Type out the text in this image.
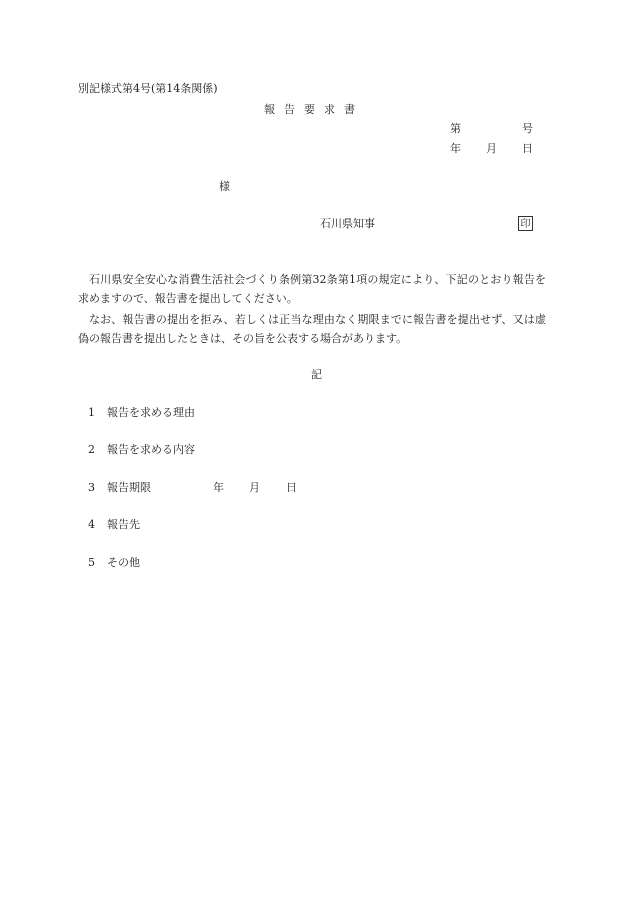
別記様式第4号(第14条関係)
報告要求書
第	号
年 月 日
様
石川県知事	印
石川県安全安心な消費生活社会づくり条例第32条第1項の規定により、下記のとおり報告を求めますので、報告書を提出してください。
なお、報告書の提出を拒み、若しくは正当な理由なく期限までに報告書を提出せず、又は虚偽の報告書を提出したときは、その旨を公表する場合があります。
記
1 報告を求める理由
2 報告を求める内容
3 報告期限	年 月 日
4 報告先
5 その他
